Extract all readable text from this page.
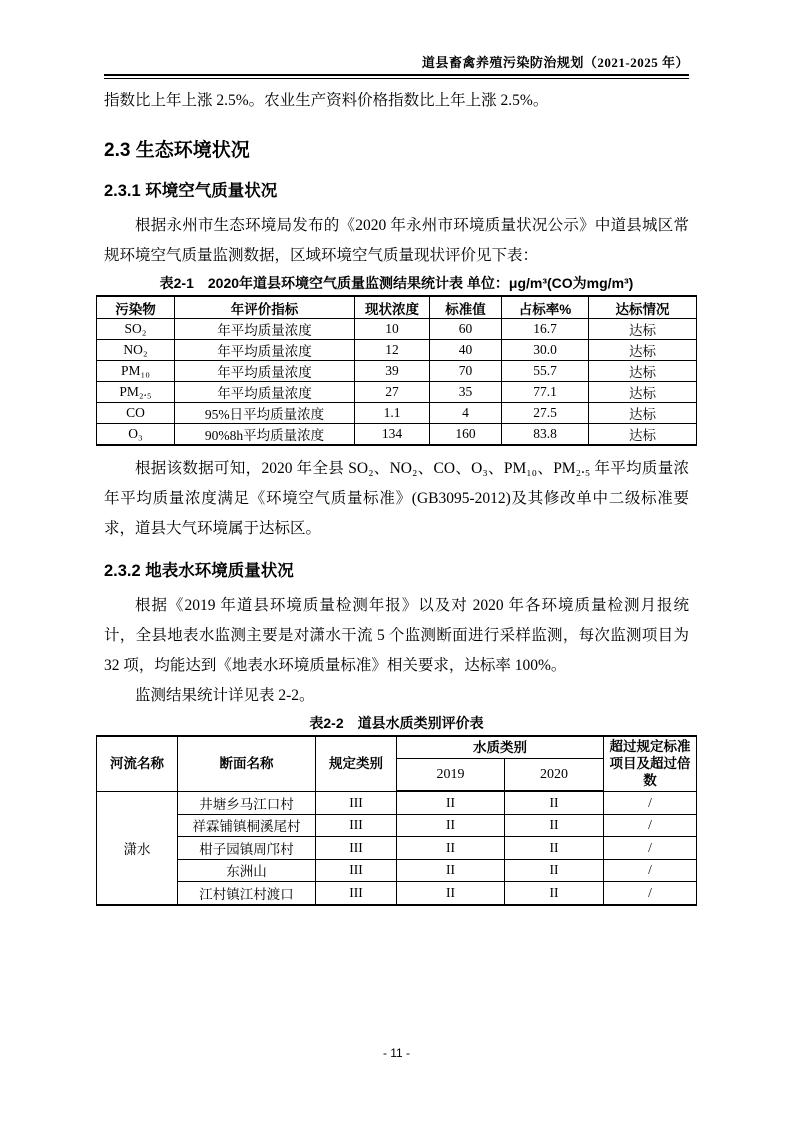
道县畜禽养殖污染防治规划（2021-2025 年）

指数比上年上涨 2.5%。农业生产资料价格指数比上年上涨 2.5%。

2.3 生态环境状况
2.3.1 环境空气质量状况

根据永州市生态环境局发布的《2020 年永州市环境质量状况公示》中道县城区常规环境空气质量监测数据，区域环境空气质量现状评价见下表：

表2-1　2020年道县环境空气质量监测结果统计表 单位：μg/m³(CO为mg/m³)
污染物	年评价指标	现状浓度	标准值	占标率%	达标情况
SO₂	年平均质量浓度	10	60	16.7	达标
NO₂	年平均质量浓度	12	40	30.0	达标
PM₁₀	年平均质量浓度	39	70	55.7	达标
PM₂.₅	年平均质量浓度	27	35	77.1	达标
CO	95%日平均质量浓度	1.1	4	27.5	达标
O₃	90%8h平均质量浓度	134	160	83.8	达标

根据该数据可知，2020 年全县 SO₂、NO₂、CO、O₃、PM₁₀、PM₂.₅ 年平均质量浓年平均质量浓度满足《环境空气质量标准》(GB3095-2012)及其修改单中二级标准要求，道县大气环境属于达标区。

2.3.2 地表水环境质量状况

根据《2019 年道县环境质量检测年报》以及对 2020 年各环境质量检测月报统计，全县地表水监测主要是对潇水干流 5 个监测断面进行采样监测，每次监测项目为 32 项，均能达到《地表水环境质量标准》相关要求，达标率 100%。

监测结果统计详见表 2-2。

表2-2　道县水质类别评价表
河流名称	断面名称	规定类别	水质类别		超过规定标准项目及超过倍数
			2019	2020	
潇水	井塘乡马江口村	III	II	II	/
	祥霖铺镇桐溪尾村	III	II	II	/
	柑子园镇周邝村	III	II	II	/
	东洲山	III	II	II	/
	江村镇江村渡口	III	II	II	/
- 11 -
